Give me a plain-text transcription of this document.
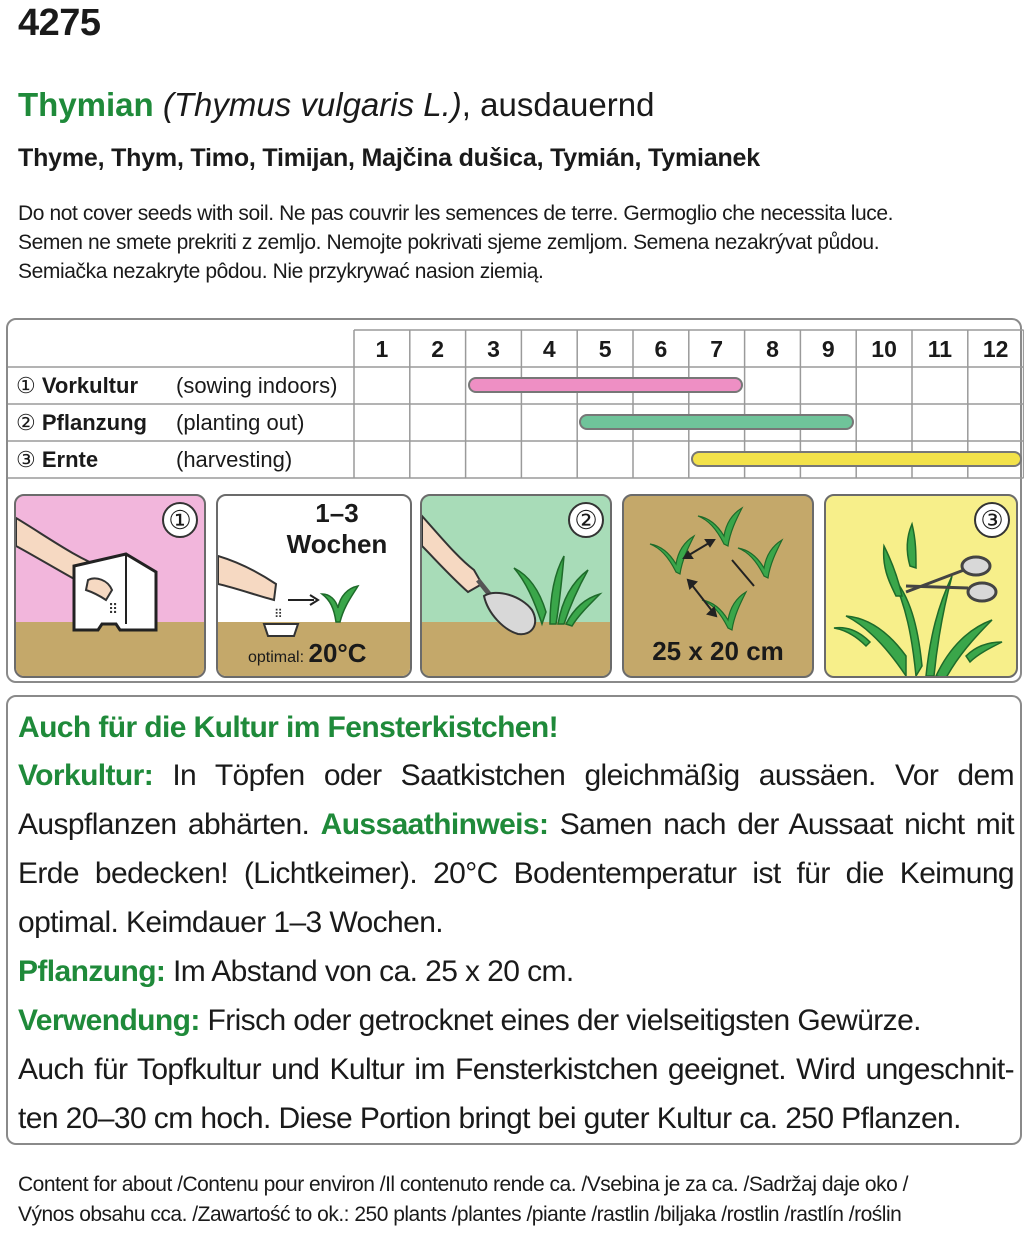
4275
Thymian (Thymus vulgaris L.), ausdauernd
Thyme, Thym, Timo, Timijan, Majčina dušica, Tymián, Tymianek
Do not cover seeds with soil. Ne pas couvrir les semences de terre. Germoglio che necessita luce.
Semen ne smete prekriti z zemljo. Nemojte pokrivati sjeme zemljom. Semena nezakrývat půdou.
Semiačka nezakryte pôdou. Nie przykrywać nasion ziemią.
1	2	3	4	5	6	7	8	9	10	11	12
① Vorkultur (sowing indoors)
② Pflanzung (planting out)
③ Ernte	(harvesting)
⠿
①
⠿
1–3
Wochen
optimal: 20°C
②
25 x 20 cm
③
Auch für die Kultur im Fensterkistchen!
Vorkultur: In Töpfen oder Saatkistchen gleichmäßig aussäen. Vor dem
Auspflanzen abhärten. Aussaathinweis: Samen nach der Aussaat nicht mit
Erde bedecken! (Lichtkeimer). 20°C Bodentemperatur ist für die Keimung
optimal. Keimdauer 1–3 Wochen.
Pflanzung: Im Abstand von ca. 25 x 20 cm.
Verwendung: Frisch oder getrocknet eines der vielseitigsten Gewürze.
Auch für Topfkultur und Kultur im Fensterkistchen geeignet. Wird ungeschnit-
ten 20–30 cm hoch. Diese Portion bringt bei guter Kultur ca. 250 Pflanzen.
Content for about /Contenu pour environ /Il contenuto rende ca. /Vsebina je za ca. /Sadržaj daje oko /
Výnos obsahu cca. /Zawartość to ok.: 250 plants /plantes /piante /rastlin /biljaka /rostlin /rastlín /roślin
